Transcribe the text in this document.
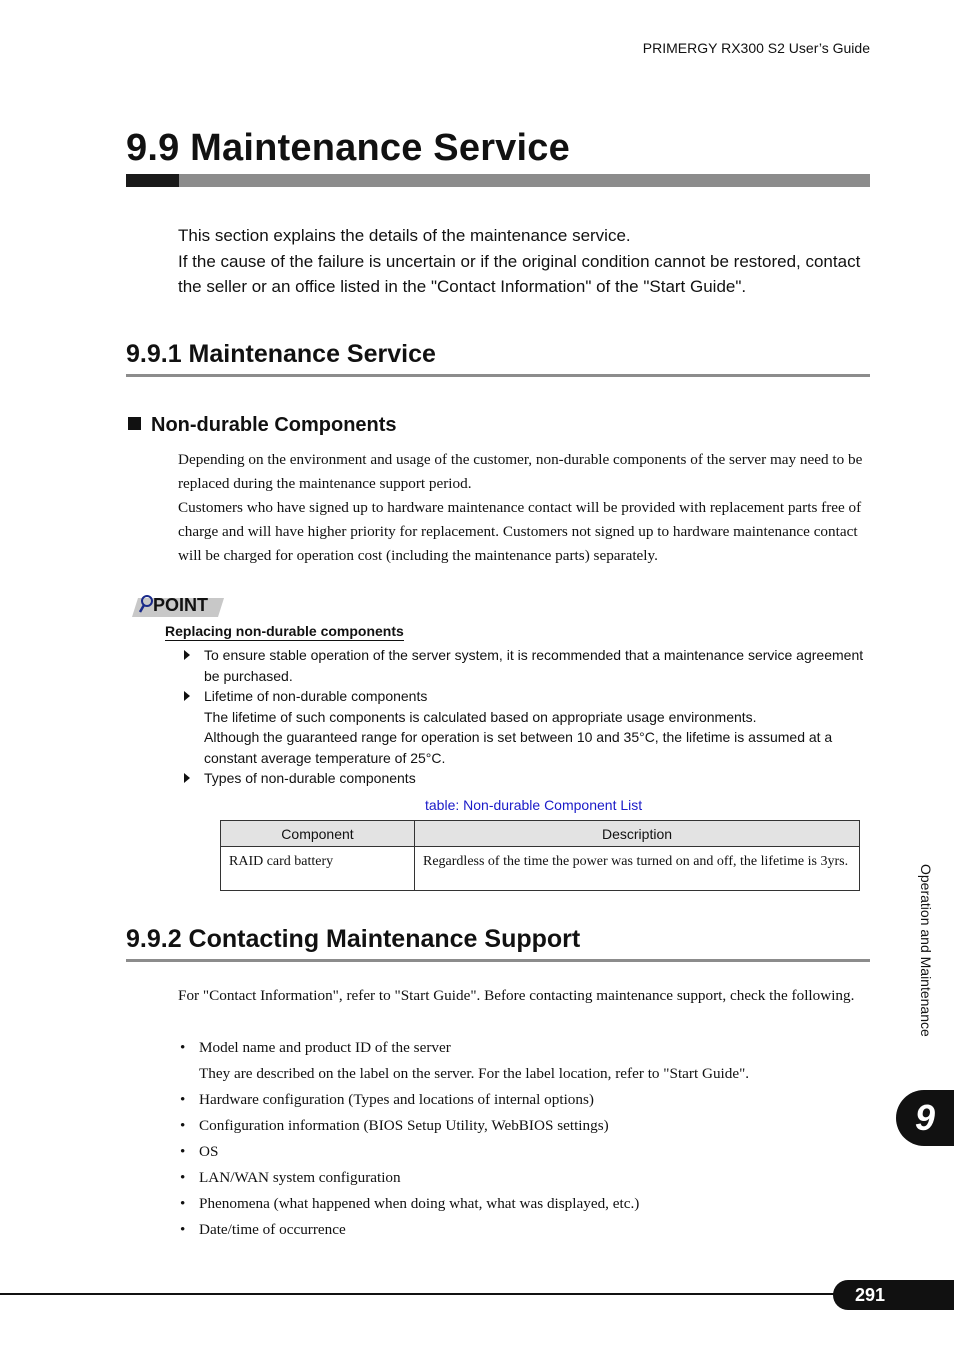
PRIMERGY RX300 S2 User’s Guide
9.9 Maintenance Service
This section explains the details of the maintenance service.
If the cause of the failure is uncertain or if the original condition cannot be restored, contact the seller or an office listed in the "Contact Information" of the "Start Guide".
9.9.1 Maintenance Service
Non-durable Components

Depending on the environment and usage of the customer, non-durable components of the server may need to be replaced during the maintenance support period.

Customers who have signed up to hardware maintenance contact will be provided with replacement parts free of charge and will have higher priority for replacement. Customers not signed up to hardware maintenance contact will be charged for operation cost (including the maintenance parts) separately.

POINT
Replacing non-durable components

To ensure stable operation of the server system, it is recommended that a maintenance service agreement be purchased.

Lifetime of non-durable components

The lifetime of such components is calculated based on appropriate usage environments.

Although the guaranteed range for operation is set between 10 and 35°C, the lifetime is assumed at a constant average temperature of 25°C.

Types of non-durable components

table: Non-durable Component List
Component	Description
RAID card battery	Regardless of the time the power was turned on and off, the lifetime is 3yrs.
9.9.2 Contacting Maintenance Support

For "Contact Information", refer to "Start Guide". Before contacting maintenance support, check the following.

• Model name and product ID of the server
They are described on the label on the server. For the label location, refer to "Start Guide".
• Hardware configuration (Types and locations of internal options)
• Configuration information (BIOS Setup Utility, WebBIOS settings)
• OS
• LAN/WAN system configuration
• Phenomena (what happened when doing what, what was displayed, etc.)
• Date/time of occurrence
Operation and Maintenance
9
291
